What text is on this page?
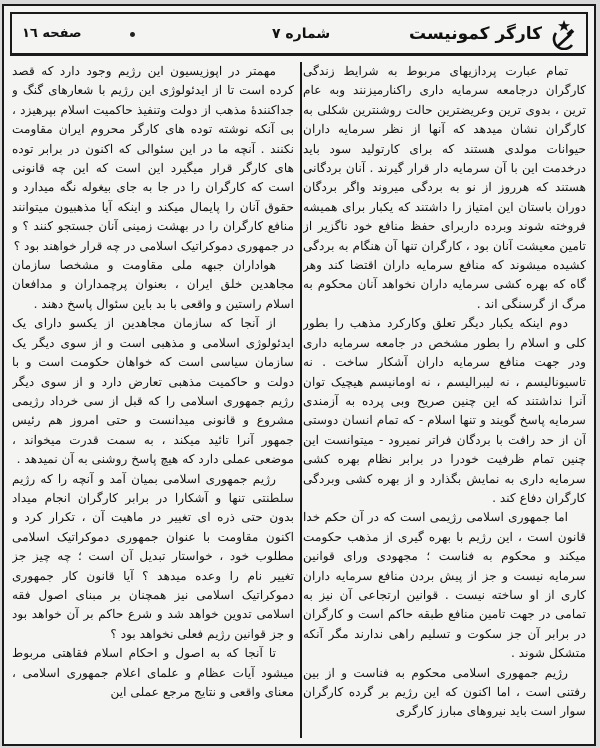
صفحه ١٦	شماره ٧	کارگر کمونیست

تمام عبارت پردازیهای مربوط به شرایط زندگی کارگران درجامعه سرمایه داری راکنارمیزنند وبه عام ترین ، بدوی ترین وعریضترین حالت روشنترین شکلی به کارگران نشان میدهد که آنها از نظر سرمایه داران حیوانات مولدی هستند که برای کارتولید سود باید درخدمت این با آن سرمایه دار قرار گیرند . آنان بردگانی هستند که هرروز از نو به بردگی میروند واگر بردگان دوران باستان این امتیاز را داشتند که یکبار برای همیشه فروخته شوند وبرده داربرای حفظ منافع خود ناگزیر از تامین معیشت آنان بود ، کارگران تنها آن هنگام به بردگی کشیده میشوند که منافع سرمایه داران اقتضا کند وهر گاه که بهره کشی سرمایه داران نخواهد آنان محکوم به مرگ از گرسنگی اند .

دوم اینکه یکبار دیگر تعلق وکارکرد مذهب را بطور کلی و اسلام را بطور مشخص در جامعه سرمایه داری ودر جهت منافع سرمایه داران آشکار ساخت . نه تاسیونالیسم ، نه لیبرالیسم ، نه اومانیسم هیچیک توان آنرا نداشتند که این چنین صریح وبی پرده به آزمندی سرمایه پاسخ گویند و تنها اسلام - که تمام انسان دوستی آن از حد رافت با بردگان فراتر نمیرود - میتوانست این چنین تمام ظرفیت خودرا در برابر نظام بهره کشی سرمایه داری به نمایش بگذارد و از بهره کشی وبردگی کارگران دفاع کند .

اما جمهوری اسلامی رژیمی است که در آن حکم خدا قانون است ، این رژیم با بهره گیری از مذهب حکومت میکند و محکوم به فناست ؛ مجهودی ورای قوانین سرمایه نیست و جز از پیش بردن منافع سرمایه داران کاری از او ساخته نیست . قوانین ارتجاعی آن نیز به تمامی در جهت تامین منافع طبقه حاکم است و کارگران در برابر آن جز سکوت و تسلیم راهی ندارند مگر آنکه متشکل شوند .

رژیم جمهوری اسلامی محکوم به فناست و از بین رفتنی است ، اما اکنون که این رژیم بر گرده کارگران سوار است باید نیروهای مبارز کارگری

مهمتر در اپوزیسیون این رژیم وجود دارد که قصد کرده است تا از ایدئولوژی این رژیم با شعارهای گنگ و جداکنندهٔ مذهب از دولت وتنفیذ حاکمیت اسلام بپرهیزد ، بی آنکه نوشته توده های کارگر محروم ایران مقاومت نکنند . آنچه ما در این سئوالی که اکنون در برابر توده های کارگر قرار میگیرد این است که این چه قانونی است که کارگران را در جا به جای بیغوله نگه میدارد و حقوق آنان را پایمال میکند و اینکه آیا مذهبیون میتوانند منافع کارگران را در بهشت زمینی آنان جستجو کنند ؟ و در جمهوری دموکراتیک اسلامی در چه قرار خواهند بود ؟

هواداران جبهه ملی مقاومت و مشخصا سازمان مجاهدین خلق ایران ، بعنوان پرچمداران و مدافعان اسلام راستین و واقعی با بد باین سئوال پاسخ دهند .

از آنجا که سازمان مجاهدین از یکسو دارای یک ایدئولوژی اسلامی و مذهبی است و از سوی دیگر یک سازمان سیاسی است که خواهان حکومت است و با دولت و حاکمیت مذهبی تعارض دارد و از سوی دیگر رژیم جمهوری اسلامی را که قبل از سی خرداد رژیمی مشروع و قانونی میدانست و حتی امروز هم رئیس جمهور آنرا تائید میکند ، به سمت قدرت میخواند ، موضعی عملی دارد که هیچ پاسخ روشنی به آن نمیدهد .

رژیم جمهوری اسلامی بمیان آمد و آنچه را که رژیم سلطنتی تنها و آشکارا در برابر کارگران انجام میداد بدون حتی ذره ای تغییر در ماهیت آن ، تکرار کرد و اکنون مقاومت با عنوان جمهوری دموکراتیک اسلامی مطلوب خود ، خواستار تبدیل آن است ؛ چه چیز جز تغییر نام را وعده میدهد ؟ آیا قانون کار جمهوری دموکراتیک اسلامی نیز همچنان بر مبنای اصول فقه اسلامی تدوین خواهد شد و شرع حاکم بر آن خواهد بود و جز قوانین رژیم فعلی نخواهد بود ؟

تا آنجا که به اصول و احکام اسلام فقاهتی مربوط میشود آیات عظام و علمای اعلام جمهوری اسلامی ، معنای واقعی و نتایج مرجع عملی این
